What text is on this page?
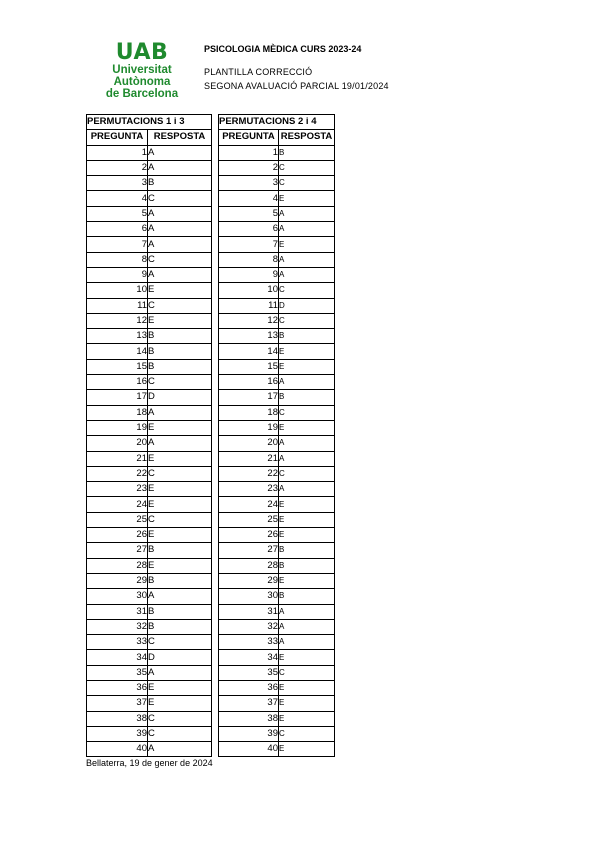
UAB
Universitat Autònoma
de Barcelona
PSICOLOGIA MÈDICA CURS 2023-24
PLANTILLA CORRECCIÓ
SEGONA AVALUACIÓ PARCIAL 19/01/2024
PERMUTACIONS 1 i 3			PERMUTACIONS 2 i 4	
PREGUNTA	RESPOSTA		PREGUNTA	RESPOSTA
1	A		1	B
2	A		2	C
3	B		3	C
4	C		4	E
5	A		5	A
6	A		6	A
7	A		7	E
8	C		8	A
9	A		9	A
10	E		10	C
11	C		11	D
12	E		12	C
13	B		13	B
14	B		14	E
15	B		15	E
16	C		16	A
17	D		17	B
18	A		18	C
19	E		19	E
20	A		20	A
21	E		21	A
22	C		22	C
23	E		23	A
24	E		24	E
25	C		25	E
26	E		26	E
27	B		27	B
28	E		28	B
29	B		29	E
30	A		30	B
31	B		31	A
32	B		32	A
33	C		33	A
34	D		34	E
35	A		35	C
36	E		36	E
37	E		37	E
38	C		38	E
39	C		39	C
40	A		40	E
Bellaterra, 19 de gener de 2024
